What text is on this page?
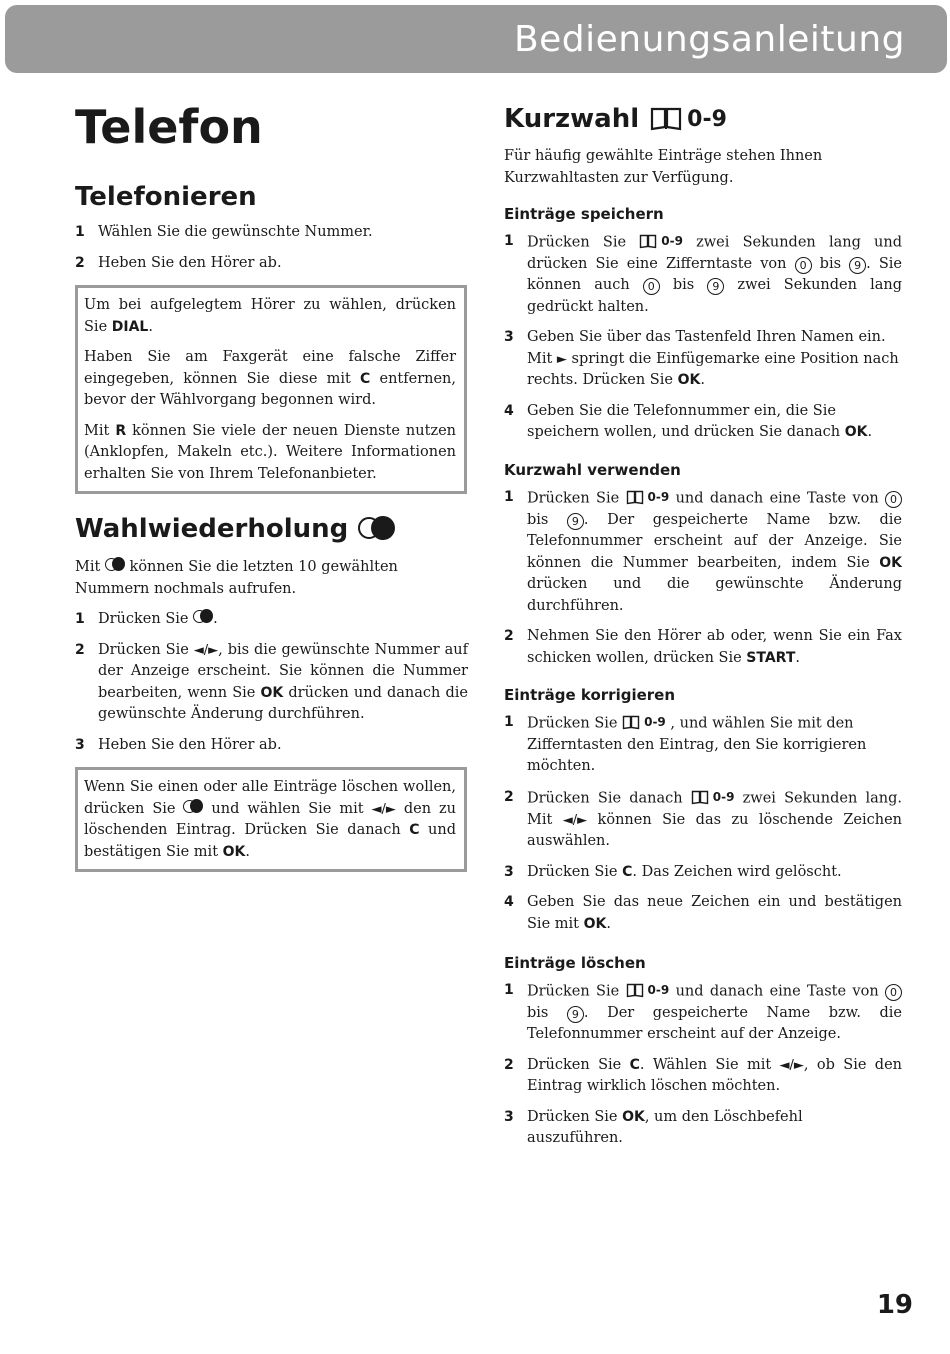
Bedienungsanleitung
Telefon
Telefonieren
1 Wählen Sie die gewünschte Nummer.
2 Heben Sie den Hörer ab.

Um bei aufgelegtem Hörer zu wählen, drücken Sie DIAL.

Haben Sie am Faxgerät eine falsche Ziffer eingegeben, können Sie diese mit C entfernen, bevor der Wählvorgang begonnen wird.

Mit R können Sie viele der neuen Dienste nutzen (Anklopfen, Makeln etc.). Weitere Informationen erhalten Sie von Ihrem Telefonanbieter.

Wahlwiederholung

Mit
können Sie die letzten 10 gewählten Nummern nochmals aufrufen.

1 Drücken Sie
.
2 Drücken Sie ◄/►, bis die gewünschte Nummer auf der Anzeige erscheint. Sie können die Nummer bearbeiten, wenn Sie OK drücken und danach die gewünschte Änderung durchführen.
3 Heben Sie den Hörer ab.

Wenn Sie einen oder alle Einträge löschen wollen, drücken Sie
und wählen Sie mit ◄/► den zu löschenden Eintrag. Drücken Sie danach C und bestätigen Sie mit OK.

Kurzwahl 0-9

Für häufig gewählte Einträge stehen Ihnen Kurzwahltasten zur Verfügung.

Einträge speichern
1 Drücken Sie 0-9 zwei Sekunden lang und drücken Sie eine Zifferntaste von 0 bis 9 . Sie können auch 0 bis 9 zwei Sekunden lang gedrückt halten.
3 Geben Sie über das Tastenfeld Ihren Namen ein. Mit ► springt die Einfügemarke eine Position nach rechts. Drücken Sie OK.
4 Geben Sie die Telefonnummer ein, die Sie speichern wollen, und drücken Sie danach OK.
Kurzwahl verwenden
1 Drücken Sie 0-9 und danach eine Taste von 0 bis 9 . Der gespeicherte Name bzw. die Telefonnummer erscheint auf der Anzeige. Sie können die Nummer bearbeiten, indem Sie OK drücken und die gewünschte Änderung durchführen.
2 Nehmen Sie den Hörer ab oder, wenn Sie ein Fax schicken wollen, drücken Sie START.
Einträge korrigieren
1 Drücken Sie 0-9 , und wählen Sie mit den Zifferntasten den Eintrag, den Sie korrigieren möchten.
2 Drücken Sie danach 0-9 zwei Sekunden lang. Mit ◄/► können Sie das zu löschende Zeichen auswählen.
3 Drücken Sie C. Das Zeichen wird gelöscht.
4 Geben Sie das neue Zeichen ein und bestätigen Sie mit OK.
Einträge löschen
1 Drücken Sie 0-9 und danach eine Taste von 0 bis 9 . Der gespeicherte Name bzw. die Telefonnummer erscheint auf der Anzeige.
2 Drücken Sie C. Wählen Sie mit ◄/►, ob Sie den Eintrag wirklich löschen möchten.
3 Drücken Sie OK, um den Löschbefehl auszuführen.
19
